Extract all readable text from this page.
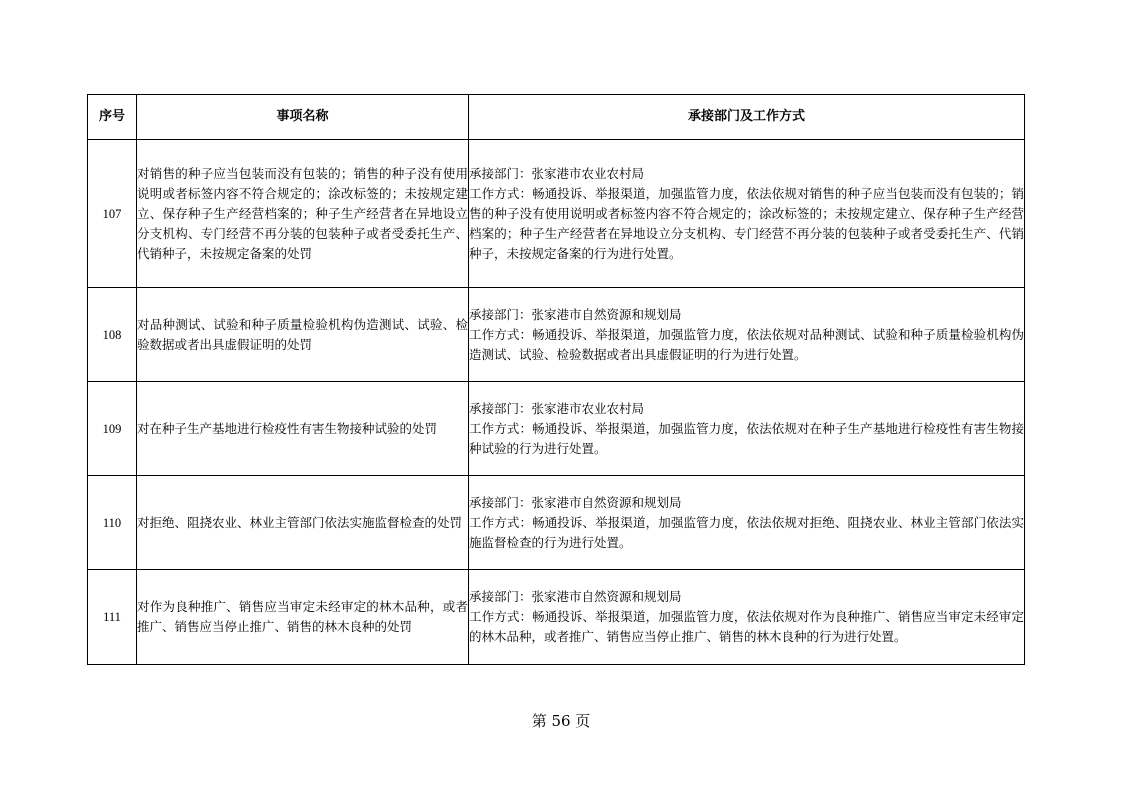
序号	事项名称	承接部门及工作方式
107	对销售的种子应当包装而没有包装的；销售的种子没有使用说明或者标签内容不符合规定的；涂改标签的；未按规定建立、保存种子生产经营档案的；种子生产经营者在异地设立分支机构、专门经营不再分装的包装种子或者受委托生产、代销种子，未按规定备案的处罚	承接部门：张家港市农业农村局
工作方式：畅通投诉、举报渠道，加强监管力度，依法依规对销售的种子应当包装而没有包装的；销售的种子没有使用说明或者标签内容不符合规定的；涂改标签的；未按规定建立、保存种子生产经营档案的；种子生产经营者在异地设立分支机构、专门经营不再分装的包装种子或者受委托生产、代销种子，未按规定备案的行为进行处置。

108	对品种测试、试验和种子质量检验机构伪造测试、试验、检验数据或者出具虚假证明的处罚	承接部门：张家港市自然资源和规划局
工作方式：畅通投诉、举报渠道，加强监管力度，依法依规对品种测试、试验和种子质量检验机构伪造测试、试验、检验数据或者出具虚假证明的行为进行处置。

109	对在种子生产基地进行检疫性有害生物接种试验的处罚	承接部门：张家港市农业农村局
工作方式：畅通投诉、举报渠道，加强监管力度，依法依规对在种子生产基地进行检疫性有害生物接种试验的行为进行处置。

110	对拒绝、阻挠农业、林业主管部门依法实施监督检查的处罚	承接部门：张家港市自然资源和规划局
工作方式：畅通投诉、举报渠道，加强监管力度，依法依规对拒绝、阻挠农业、林业主管部门依法实施监督检查的行为进行处置。

111	对作为良种推广、销售应当审定未经审定的林木品种，或者推广、销售应当停止推广、销售的林木良种的处罚	承接部门：张家港市自然资源和规划局
工作方式：畅通投诉、举报渠道，加强监管力度，依法依规对作为良种推广、销售应当审定未经审定的林木品种，或者推广、销售应当停止推广、销售的林木良种的行为进行处置。
第 56 页
